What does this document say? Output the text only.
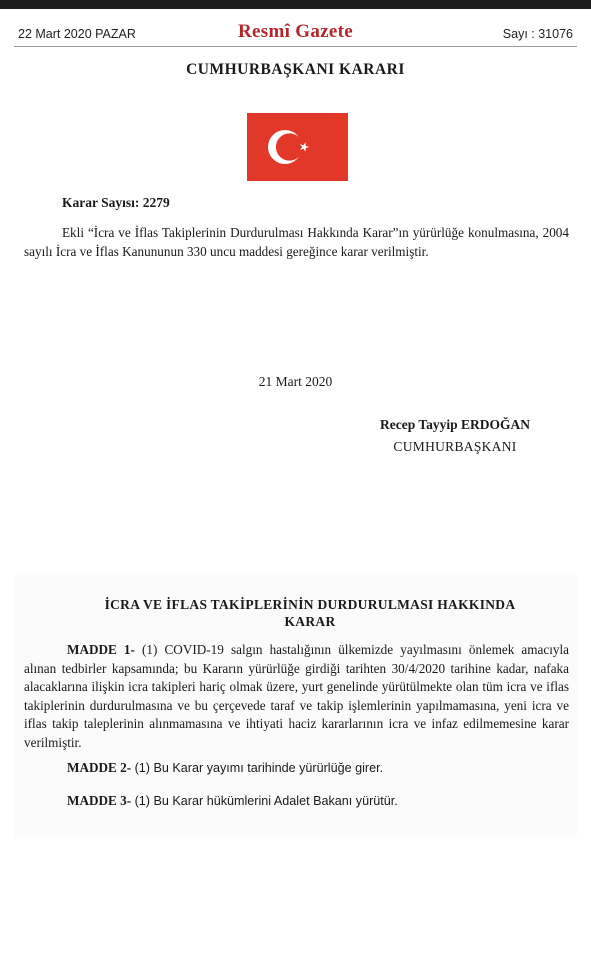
22 Mart 2020 PAZAR	Resmî Gazete	Sayı : 31076
CUMHURBAŞKANI KARARI
Karar Sayısı: 2279
Ekli “İcra ve İflas Takiplerinin Durdurulması Hakkında Karar”ın yürürlüğe konulmasına, 2004 sayılı İcra ve İflas Kanununun 330 uncu maddesi gereğince karar verilmiştir.
21 Mart 2020
Recep Tayyip ERDOĞAN
CUMHURBAŞKANI
İCRA VE İFLAS TAKİPLERİNİN DURDURULMASI HAKKINDA KARAR
MADDE 1- (1) COVID-19 salgın hastalığının ülkemizde yayılmasını önlemek amacıyla alınan tedbirler kapsamında; bu Kararın yürürlüğe girdiği tarihten 30/4/2020 tarihine kadar, nafaka alacaklarına ilişkin icra takipleri hariç olmak üzere, yurt genelinde yürütülmekte olan tüm icra ve iflas takiplerinin durdurulmasına ve bu çerçevede taraf ve takip işlemlerinin yapılmamasına, yeni icra ve iflas takip taleplerinin alınmamasına ve ihtiyati haciz kararlarının icra ve infaz edilmemesine karar verilmiştir.
MADDE 2- (1) Bu Karar yayımı tarihinde yürürlüğe girer.
MADDE 3- (1) Bu Karar hükümlerini Adalet Bakanı yürütür.
